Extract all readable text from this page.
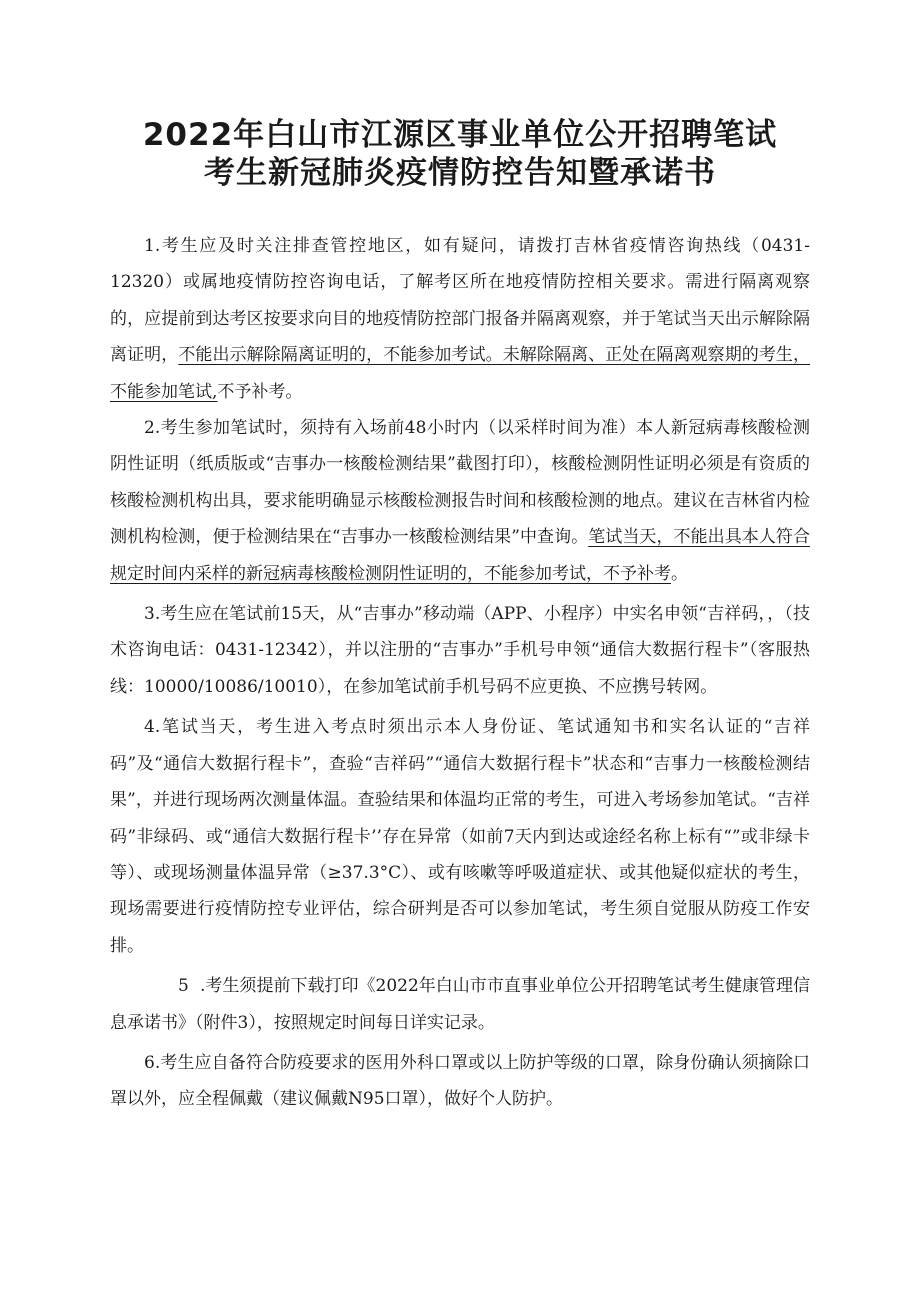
2022年白山市江源区事业单位公开招聘笔试
考生新冠肺炎疫情防控告知暨承诺书

1.考生应及时关注排查管控地区，如有疑问，请拨打吉林省疫情咨询热线（0431-12320）或属地疫情防控咨询电话，了解考区所在地疫情防控相关要求。需进行隔离观察的，应提前到达考区按要求向目的地疫情防控部门报备并隔离观察，并于笔试当天出示解除隔离证明，不能出示解除隔离证明的，不能参加考试。未解除隔离、正处在隔离观察期的考生，不能参加笔试,不予补考。

2.考生参加笔试时，须持有入场前48小时内（以采样时间为准）本人新冠病毒核酸检测阴性证明（纸质版或“吉事办一核酸检测结果”截图打印），核酸检测阴性证明必须是有资质的核酸检测机构出具，要求能明确显示核酸检测报告时间和核酸检测的地点。建议在吉林省内检测机构检测，便于检测结果在“吉事办一核酸检测结果”中查询。笔试当天，不能出具本人符合规定时间内采样的新冠病毒核酸检测阴性证明的，不能参加考试，不予补考。

3.考生应在笔试前15天，从“吉事办”移动端（APP、小程序）中实名申领“吉祥码，，（技术咨询电话：0431-12342），并以注册的“吉事办”手机号申领“通信大数据行程卡”（客服热线：10000/10086/10010），在参加笔试前手机号码不应更换、不应携号转网。

4.笔试当天，考生进入考点时须出示本人身份证、笔试通知书和实名认证的“吉祥码”及“通信大数据行程卡”，查验“吉祥码”“通信大数据行程卡”状态和“吉事力一核酸检测结果”，并进行现场两次测量体温。查验结果和体温均正常的考生，可进入考场参加笔试。“吉祥码”非绿码、或“通信大数据行程卡’’存在异常（如前7天内到达或途经名称上标有“”或非绿卡等）、或现场测量体温异常（≥37.3°C）、或有咳嗽等呼吸道症状、或其他疑似症状的考生，现场需要进行疫情防控专业评估，综合研判是否可以参加笔试，考生须自觉服从防疫工作安排。

5 .考生须提前下载打印《2022年白山市市直事业单位公开招聘笔试考生健康管理信息承诺书》（附件3），按照规定时间每日详实记录。

6.考生应自备符合防疫要求的医用外科口罩或以上防护等级的口罩，除身份确认须摘除口罩以外，应全程佩戴（建议佩戴N95口罩），做好个人防护。
